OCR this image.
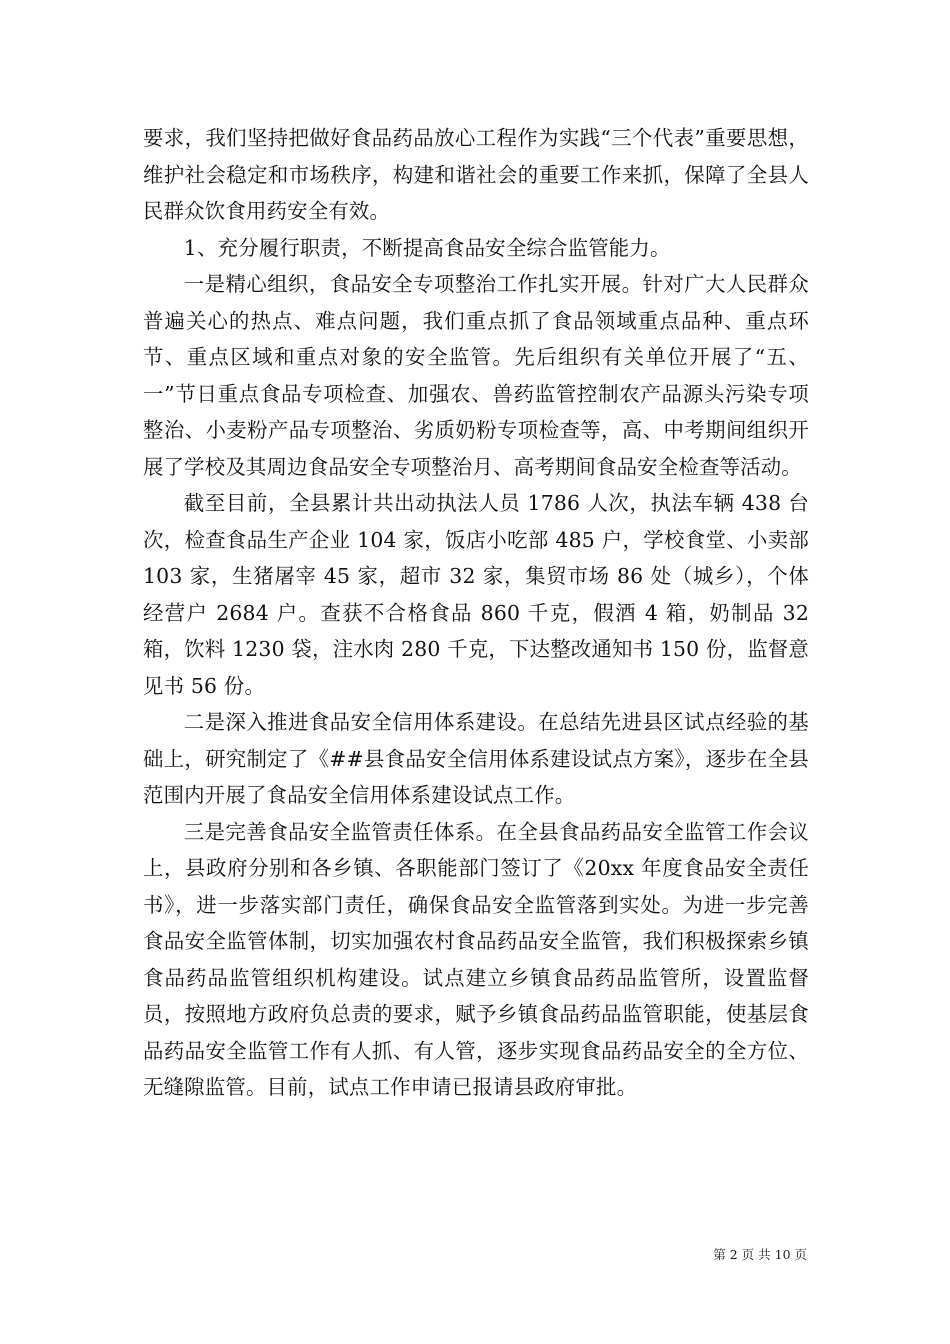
要求，我们坚持把做好食品药品放心工程作为实践“三个代表”重要思想，维护社会稳定和市场秩序，构建和谐社会的重要工作来抓，保障了全县人民群众饮食用药安全有效。

1、充分履行职责，不断提高食品安全综合监管能力。

一是精心组织，食品安全专项整治工作扎实开展。针对广大人民群众普遍关心的热点、难点问题，我们重点抓了食品领域重点品种、重点环节、重点区域和重点对象的安全监管。先后组织有关单位开展了“五、一”节日重点食品专项检查、加强农、兽药监管控制农产品源头污染专项整治、小麦粉产品专项整治、劣质奶粉专项检查等，高、中考期间组织开展了学校及其周边食品安全专项整治月、高考期间食品安全检查等活动。

截至目前，全县累计共出动执法人员 1786 人次，执法车辆 438 台次，检查食品生产企业 104 家，饭店小吃部 485 户，学校食堂、小卖部 103 家，生猪屠宰 45 家，超市 32 家，集贸市场 86 处（城乡），个体经营户 2684 户。查获不合格食品 860 千克，假酒 4 箱，奶制品 32 箱，饮料 1230 袋，注水肉 280 千克，下达整改通知书 150 份，监督意见书 56 份。

二是深入推进食品安全信用体系建设。在总结先进县区试点经验的基础上，研究制定了《##县食品安全信用体系建设试点方案》，逐步在全县范围内开展了食品安全信用体系建设试点工作。

三是完善食品安全监管责任体系。在全县食品药品安全监管工作会议上，县政府分别和各乡镇、各职能部门签订了《20xx 年度食品安全责任书》，进一步落实部门责任，确保食品安全监管落到实处。为进一步完善食品安全监管体制，切实加强农村食品药品安全监管，我们积极探索乡镇食品药品监管组织机构建设。试点建立乡镇食品药品监管所，设置监督员，按照地方政府负总责的要求，赋予乡镇食品药品监管职能，使基层食品药品安全监管工作有人抓、有人管，逐步实现食品药品安全的全方位、无缝隙监管。目前，试点工作申请已报请县政府审批。

第 2 页 共 10 页
